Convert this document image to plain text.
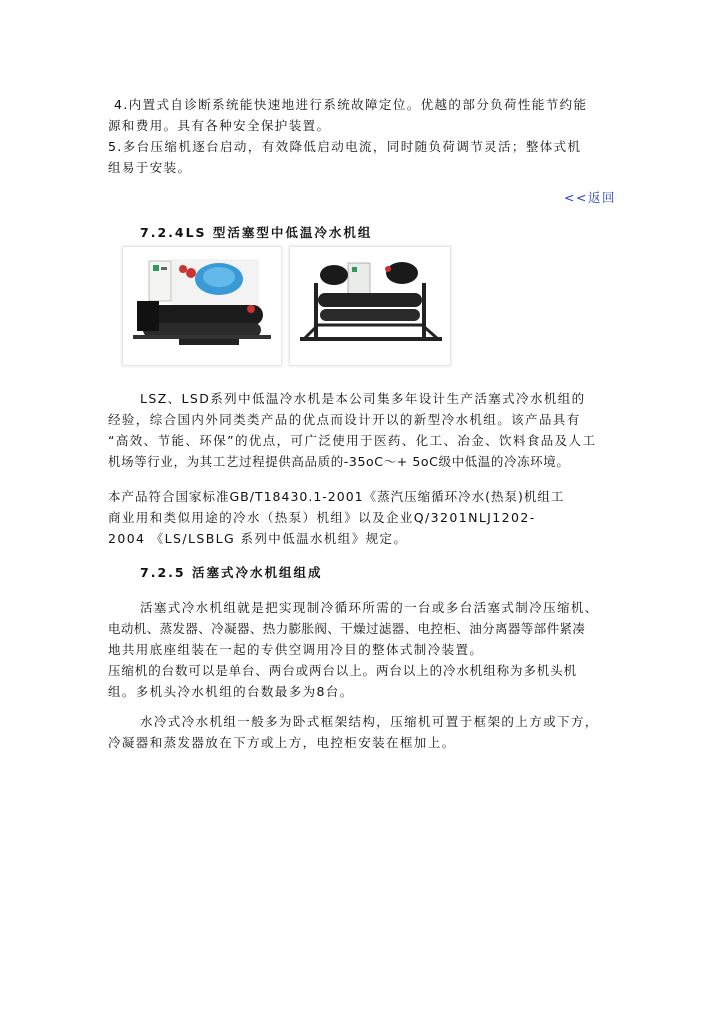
4.内置式自诊断系统能快速地进行系统故障定位。优越的部分负荷性能节约能
源和费用。具有各种安全保护装置。
5.多台压缩机逐台启动，有效降低启动电流，同时随负荷调节灵活；整体式机
组易于安装。
<<返回
7.2.4LS 型活塞型中低温冷水机组
LSZ、LSD系列中低温冷水机是本公司集多年设计生产活塞式冷水机组的
经验，综合国内外同类类产品的优点而设计开以的新型冷水机组。该产品具有
“高效、节能、环保”的优点，可广泛使用于医药、化工、冶金、饮料食品及人工
机场等行业，为其工艺过程提供高品质的-35oC～+ 5oC级中低温的冷冻环境。
本产品符合国家标准GB/T18430.1-2001《蒸汽压缩循环冷水(热泵)机组工
商业用和类似用途的冷水（热泵）机组》以及企业Q/3201NLJ1202-
2004 《LS/LSBLG 系列中低温水机组》规定。
7.2.5 活塞式冷水机组组成
活塞式冷水机组就是把实现制冷循环所需的一台或多台活塞式制冷压缩机、
电动机、蒸发器、冷凝器、热力膨胀阀、干燥过滤器、电控柜、油分离器等部件紧凑
地共用底座组装在一起的专供空调用冷目的整体式制冷装置。
压缩机的台数可以是单台、两台或两台以上。两台以上的冷水机组称为多机头机
组。多机头冷水机组的台数最多为8台。
水冷式冷水机组一般多为卧式框架结构，压缩机可置于框架的上方或下方，
冷凝器和蒸发器放在下方或上方，电控柜安装在框加上。
